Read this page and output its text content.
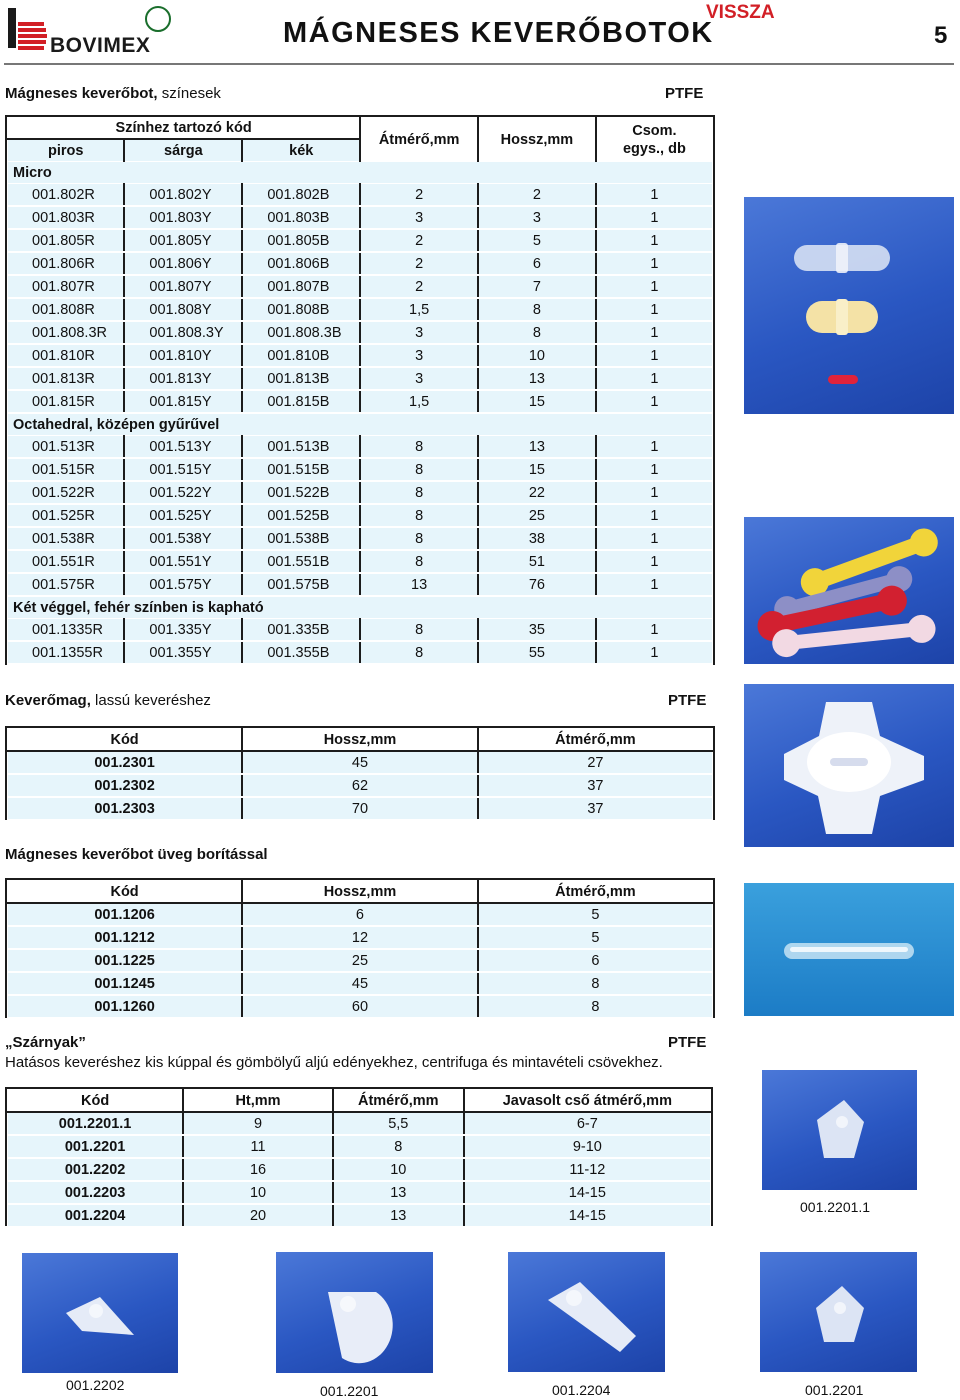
BOVIMEX	MÁGNESES KEVERŐBOTOK
VISSZA
5
Mágneses keverőbot, színesek	PTFE
Színhez tartozó kód			Átmérő,mm	Hossz,mm	Csom.
egys., db
piros	sárga	kék			
Micro					
001.802R	001.802Y	001.802B	2	2	1
001.803R	001.803Y	001.803B	3	3	1
001.805R	001.805Y	001.805B	2	5	1
001.806R	001.806Y	001.806B	2	6	1
001.807R	001.807Y	001.807B	2	7	1
001.808R	001.808Y	001.808B	1,5	8	1
001.808.3R	001.808.3Y	001.808.3B	3	8	1
001.810R	001.810Y	001.810B	3	10	1
001.813R	001.813Y	001.813B	3	13	1
001.815R	001.815Y	001.815B	1,5	15	1
Octahedral, középen gyűrűvel					
001.513R	001.513Y	001.513B	8	13	1
001.515R	001.515Y	001.515B	8	15	1
001.522R	001.522Y	001.522B	8	22	1
001.525R	001.525Y	001.525B	8	25	1
001.538R	001.538Y	001.538B	8	38	1
001.551R	001.551Y	001.551B	8	51	1
001.575R	001.575Y	001.575B	13	76	1
Két véggel, fehér színben is kapható					
001.1335R	001.335Y	001.335B	8	35	1
001.1355R	001.355Y	001.355B	8	55	1
Keverőmag, lassú keveréshez	PTFE
Kód	Hossz,mm	Átmérő,mm
001.2301	45	27
001.2302	62	37
001.2303	70	37
Mágneses keverőbot üveg borítással
Kód	Hossz,mm	Átmérő,mm
001.1206	6	5
001.1212	12	5
001.1225	25	6
001.1245	45	8
001.1260	60	8
„Szárnyak”	PTFE
Hatásos keveréshez kis kúppal és gömbölyű aljú edényekhez, centrifuga és mintavételi csövekhez.
Kód	Ht,mm	Átmérő,mm	Javasolt cső átmérő,mm
001.2201.1	9	5,5	6-7
001.2201	11	8	9-10
001.2202	16	10	11-12
001.2203	10	13	14-15
001.2204	20	13	14-15
001.2201.1
001.2202	001.2201	001.2204	001.2201
